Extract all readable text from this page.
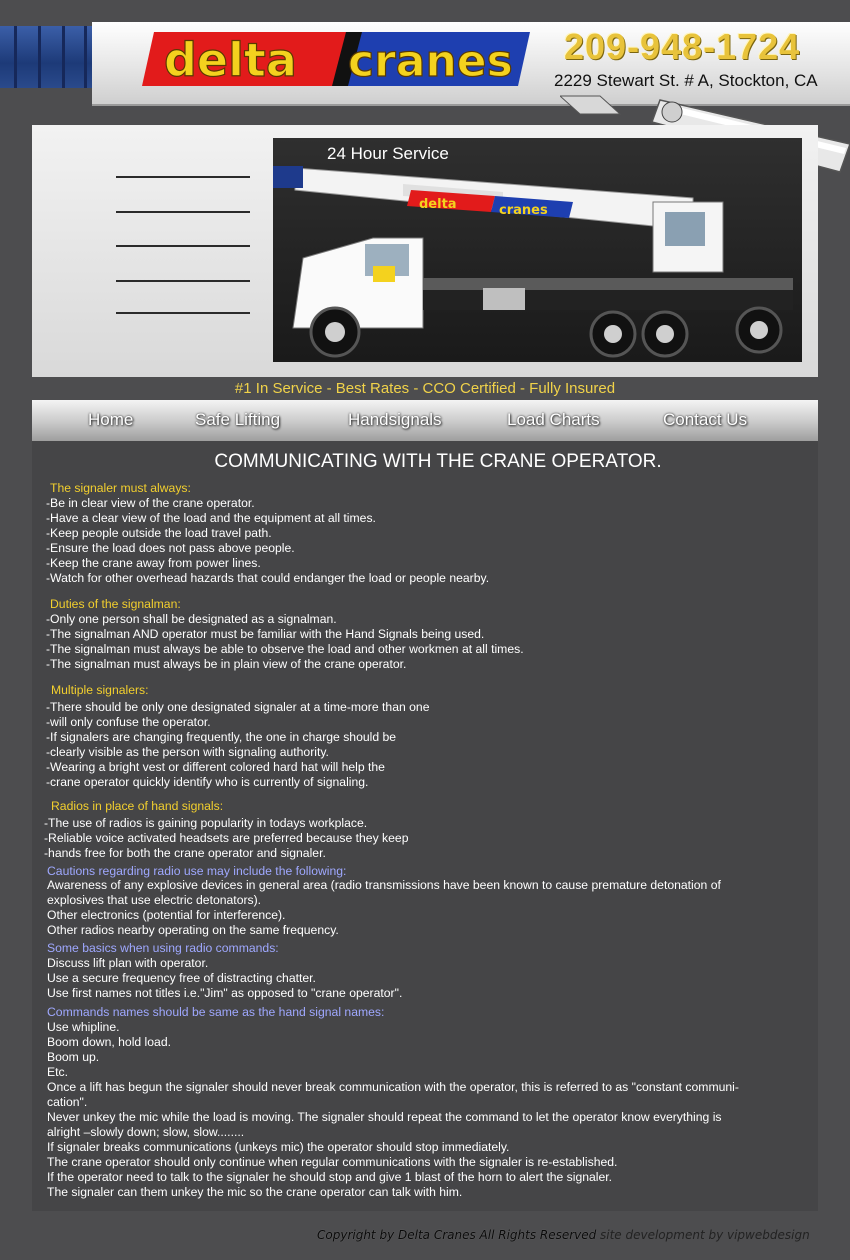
delta cranes 209-948-1724
2229 Stewart St. # A, Stockton, CA
delta	cranes
24 Hour Service
#1 In Service - Best Rates - CCO Certified - Fully Insured
Home	Safe Lifting	Handsignals	Load Charts	Contact Us
COMMUNICATING WITH THE CRANE OPERATOR.
The signaler must always:
-Be in clear view of the crane operator.
-Have a clear view of the load and the equipment at all times.
-Keep people outside the load travel path.
-Ensure the load does not pass above people.
-Keep the crane away from power lines.
-Watch for other overhead hazards that could endanger the load or people nearby.
Duties of the signalman:
-Only one person shall be designated as a signalman.
-The signalman AND operator must be familiar with the Hand Signals being used.
-The signalman must always be able to observe the load and other workmen at all times.
-The signalman must always be in plain view of the crane operator.
Multiple signalers:
-There should be only one designated signaler at a time-more than one
-will only confuse the operator.
-If signalers are changing frequently, the one in charge should be
-clearly visible as the person with signaling authority.
-Wearing a bright vest or different colored hard hat will help the
-crane operator quickly identify who is currently of signaling.
Radios in place of hand signals:
-The use of radios is gaining popularity in todays workplace.
-Reliable voice activated headsets are preferred because they keep
-hands free for both the crane operator and signaler.
Cautions regarding radio use may include the following:
Awareness of any explosive devices in general area (radio transmissions have been known to cause premature detonation of
explosives that use electric detonators).
Other electronics (potential for interference).
Other radios nearby operating on the same frequency.
Some basics when using radio commands:
Discuss lift plan with operator.
Use a secure frequency free of distracting chatter.
Use first names not titles i.e."Jim" as opposed to "crane operator".
Commands names should be same as the hand signal names:
Use whipline.
Boom down, hold load.
Boom up.
Etc.
Once a lift has begun the signaler should never break communication with the operator, this is referred to as "constant communi-
cation".
Never unkey the mic while the load is moving. The signaler should repeat the command to let the operator know everything is
alright –slowly down; slow, slow........
If signaler breaks communications (unkeys mic) the operator should stop immediately.
The crane operator should only continue when regular communications with the signaler is re-established.
If the operator need to talk to the signaler he should stop and give 1 blast of the horn to alert the signaler.
The signaler can them unkey the mic so the crane operator can talk with him.
Copyright by Delta Cranes All Rights Reserved site development by vipwebdesign
